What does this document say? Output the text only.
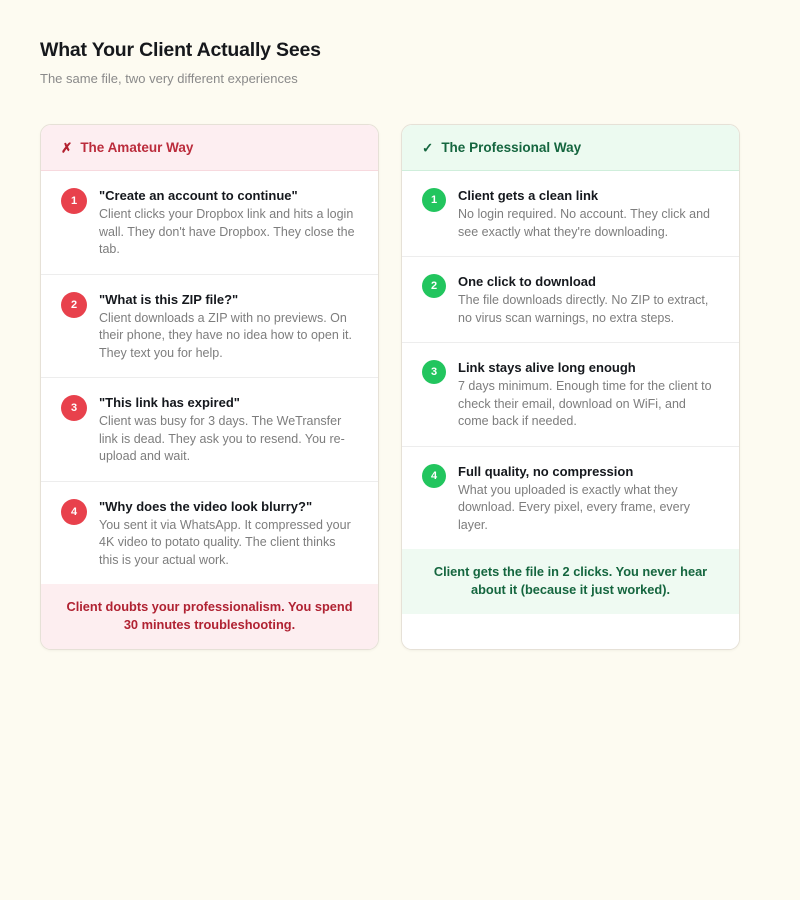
What Your Client Actually Sees

The same file, two very different experiences

✗ The Amateur Way
1	"Create an account to continue"
Client clicks your Dropbox link and hits a login wall. They don't have Dropbox. They close the tab.
2	"What is this ZIP file?"
Client downloads a ZIP with no previews. On their phone, they have no idea how to open it. They text you for help.
3	"This link has expired"
Client was busy for 3 days. The WeTransfer link is dead. They ask you to resend. You re-upload and wait.
4	"Why does the video look blurry?"
You sent it via WhatsApp. It compressed your 4K video to potato quality. The client thinks this is your actual work.
Client doubts your professionalism. You spend 30 minutes troubleshooting.
✓ The Professional Way
1	Client gets a clean link
No login required. No account. They click and see exactly what they're downloading.
2	One click to download
The file downloads directly. No ZIP to extract, no virus scan warnings, no extra steps.
3	Link stays alive long enough
7 days minimum. Enough time for the client to check their email, download on WiFi, and come back if needed.
4	Full quality, no compression
What you uploaded is exactly what they download. Every pixel, every frame, every layer.
Client gets the file in 2 clicks. You never hear about it (because it just worked).
